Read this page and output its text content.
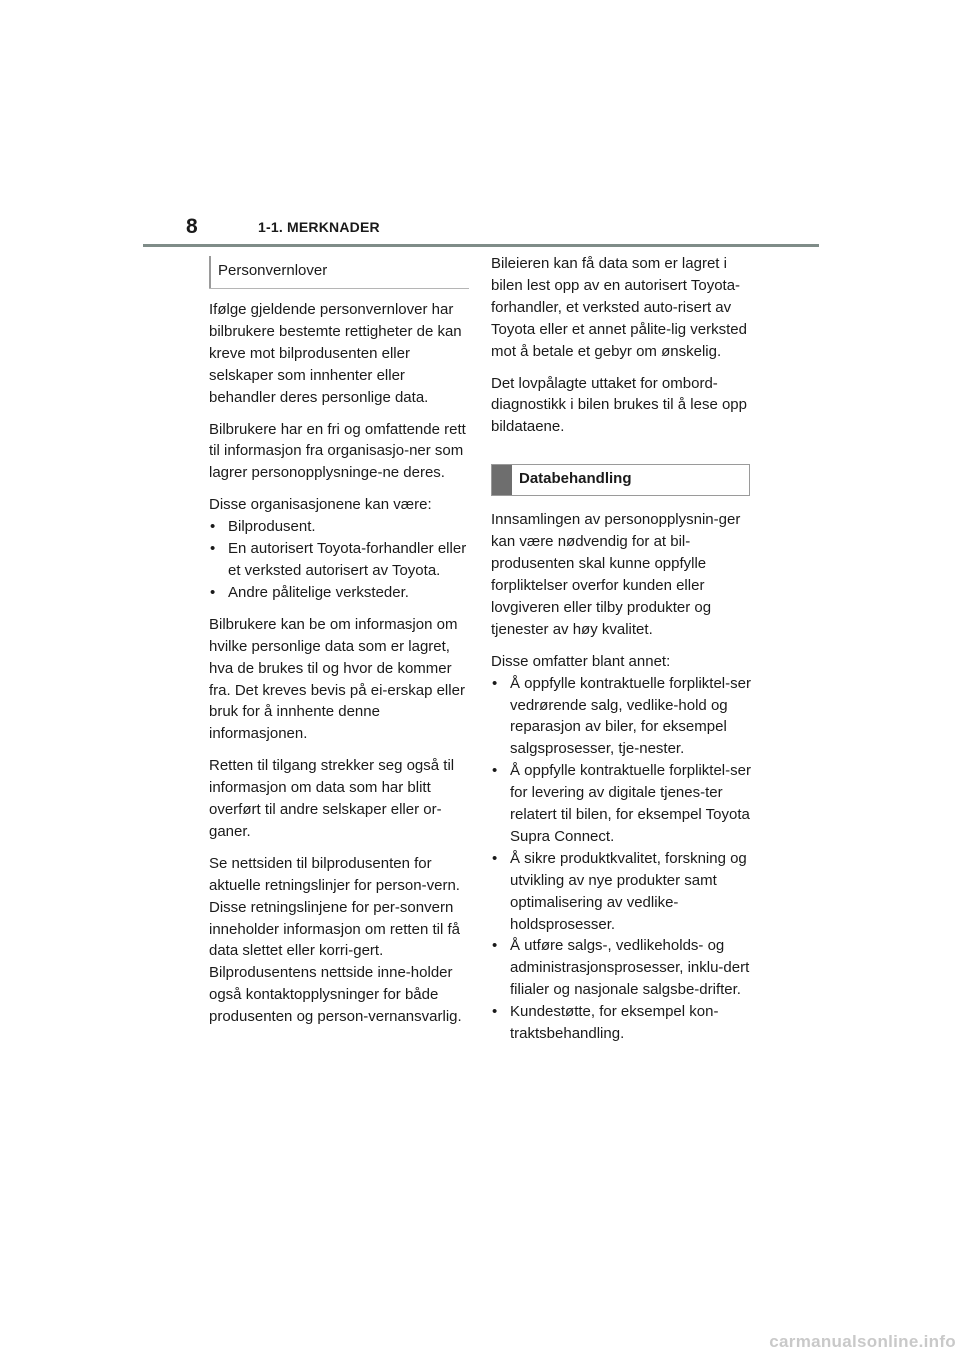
8	1-1. MERKNADER
Personvernlover

Ifølge gjeldende personvernlover har bilbrukere bestemte rettigheter de kan kreve mot bilprodusenten eller selskaper som innhenter eller behandler deres personlige data.

Bilbrukere har en fri og omfattende rett til informasjon fra organisasjo-ner som lagrer personopplysninge-ne deres.

Disse organisasjonene kan være:

• Bilprodusent.
• En autorisert Toyota-forhandler eller et verksted autorisert av Toyota.
• Andre pålitelige verksteder.

Bilbrukere kan be om informasjon om hvilke personlige data som er lagret, hva de brukes til og hvor de kommer fra. Det kreves bevis på ei-erskap eller bruk for å innhente denne informasjonen.

Retten til tilgang strekker seg også til informasjon om data som har blitt overført til andre selskaper eller or-ganer.

Se nettsiden til bilprodusenten for aktuelle retningslinjer for person-vern. Disse retningslinjene for per-sonvern inneholder informasjon om retten til få data slettet eller korri-gert. Bilprodusentens nettside inne-holder også kontaktopplysninger for både produsenten og person-vernansvarlig.

Bileieren kan få data som er lagret i bilen lest opp av en autorisert Toyota-forhandler, et verksted auto-risert av Toyota eller et annet pålite-lig verksted mot å betale et gebyr om ønskelig.

Det lovpålagte uttaket for ombord-diagnostikk i bilen brukes til å lese opp bildataene.

Databehandling

Innsamlingen av personopplysnin-ger kan være nødvendig for at bil-produsenten skal kunne oppfylle forpliktelser overfor kunden eller lovgiveren eller tilby produkter og tjenester av høy kvalitet.

Disse omfatter blant annet:

• Å oppfylle kontraktuelle forpliktel-ser vedrørende salg, vedlike-hold og reparasjon av biler, for eksempel salgsprosesser, tje-nester.
• Å oppfylle kontraktuelle forpliktel-ser for levering av digitale tjenes-ter relatert til bilen, for eksempel Toyota Supra Connect.
• Å sikre produktkvalitet, forskning og utvikling av nye produkter samt optimalisering av vedlike-holdsprosesser.
• Å utføre salgs-, vedlikeholds- og administrasjonsprosesser, inklu-dert filialer og nasjonale salgsbe-drifter.
• Kundestøtte, for eksempel kon-traktsbehandling.
carmanualsonline.info
